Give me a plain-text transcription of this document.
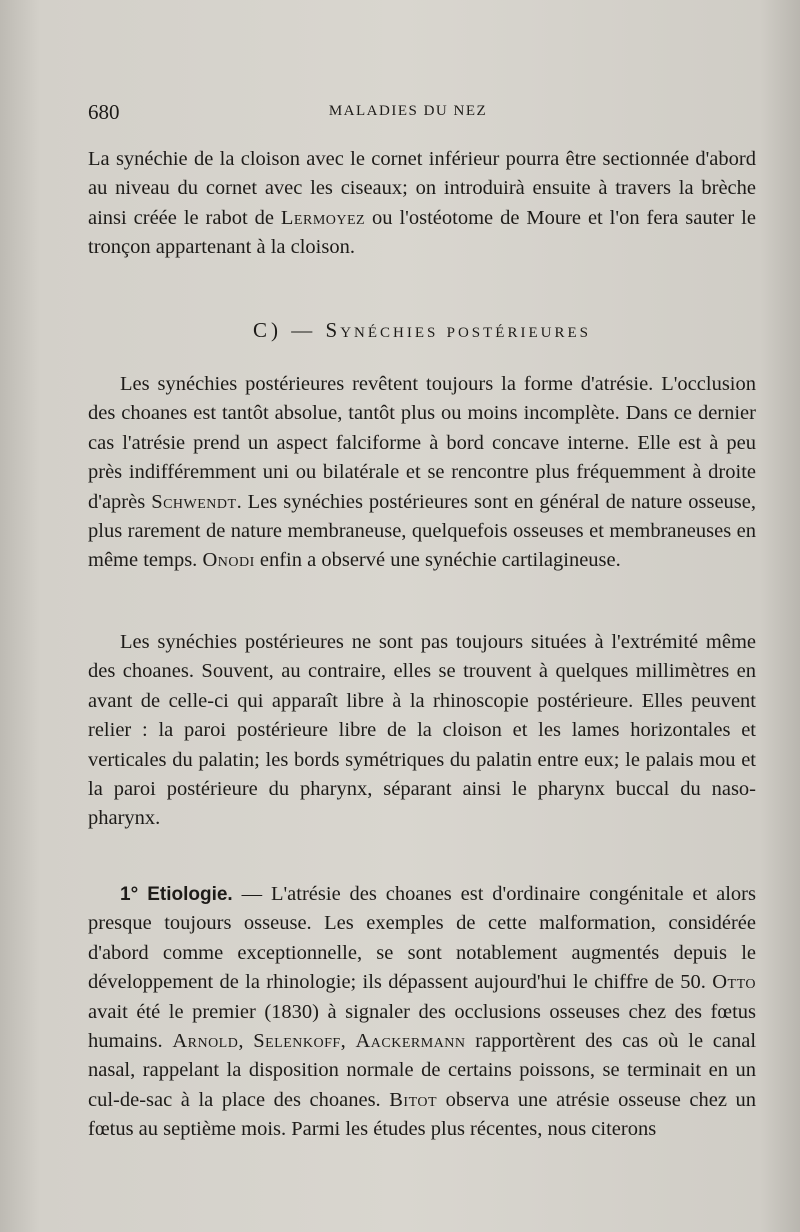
680	MALADIES DU NEZ

La synéchie de la cloison avec le cornet inférieur pourra être sectionnée d'abord au niveau du cornet avec les ciseaux; on introduirà ensuite à travers la brèche ainsi créée le rabot de Lermoyez ou l'ostéotome de Moure et l'on fera sauter le tronçon appartenant à la cloison.

C) — Synéchies postérieures

Les synéchies postérieures revêtent toujours la forme d'atrésie. L'occlusion des choanes est tantôt absolue, tantôt plus ou moins incomplète. Dans ce dernier cas l'atrésie prend un aspect falciforme à bord concave interne. Elle est à peu près indifféremment uni ou bilatérale et se rencontre plus fréquemment à droite d'après Schwendt. Les synéchies postérieures sont en général de nature osseuse, plus rarement de nature membraneuse, quelquefois osseuses et membraneuses en même temps. Onodi enfin a observé une synéchie cartilagineuse.

Les synéchies postérieures ne sont pas toujours situées à l'extrémité même des choanes. Souvent, au contraire, elles se trouvent à quelques millimètres en avant de celle-ci qui apparaît libre à la rhinoscopie postérieure. Elles peuvent relier : la paroi postérieure libre de la cloison et les lames horizontales et verticales du palatin; les bords symétriques du palatin entre eux; le palais mou et la paroi postérieure du pharynx, séparant ainsi le pharynx buccal du naso-pharynx.

1° Etiologie. — L'atrésie des choanes est d'ordinaire congénitale et alors presque toujours osseuse. Les exemples de cette malformation, considérée d'abord comme exceptionnelle, se sont notablement augmentés depuis le développement de la rhinologie; ils dépassent aujourd'hui le chiffre de 50. Otto avait été le premier (1830) à signaler des occlusions osseuses chez des fœtus humains. Arnold, Selenkoff, Aackermann rapportèrent des cas où le canal nasal, rappelant la disposition normale de certains poissons, se terminait en un cul-de-sac à la place des choanes. Bitot observa une atrésie osseuse chez un fœtus au septième mois. Parmi les études plus récentes, nous citerons
